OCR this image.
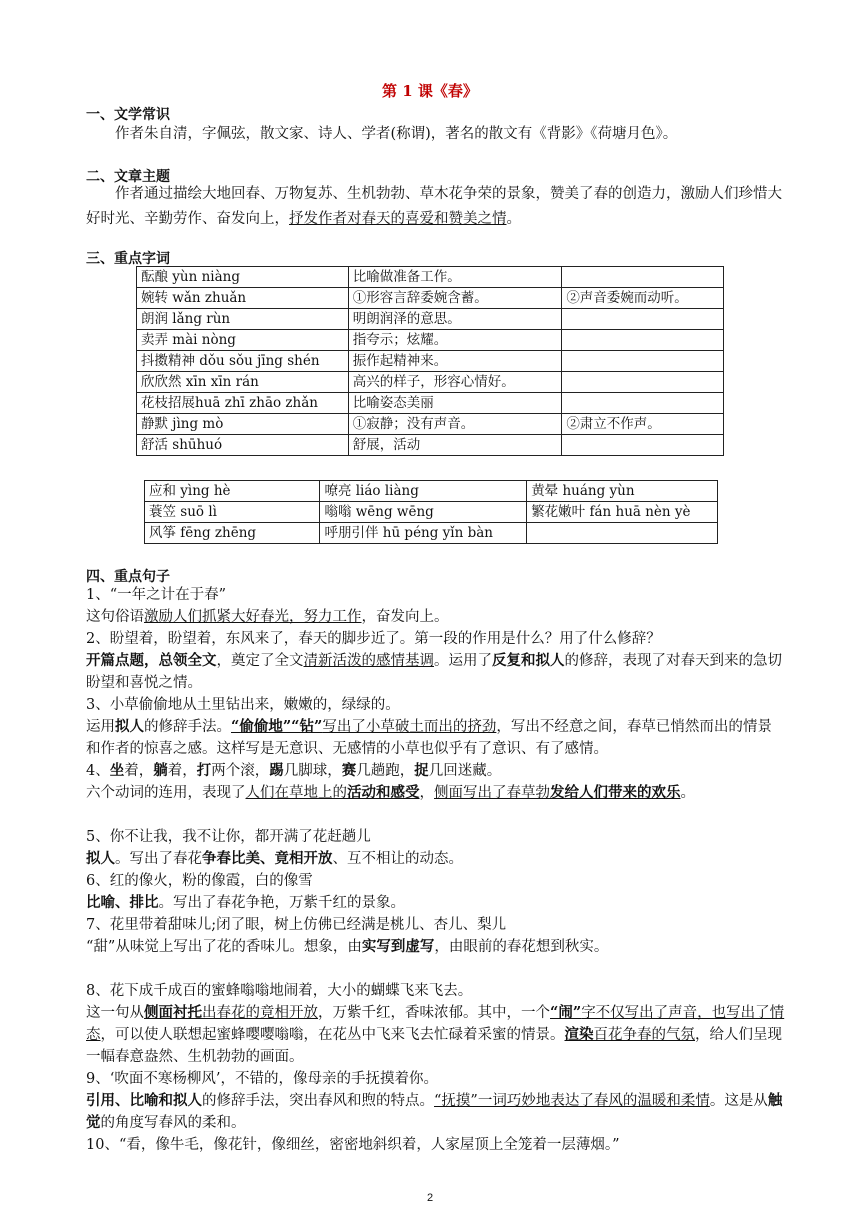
第 1 课《春》
一、文学常识
作者朱自清，字佩弦，散文家、诗人、学者(称谓)，著名的散文有《背影》《荷塘月色》。
二、文章主题
作者通过描绘大地回春、万物复苏、生机勃勃、草木花争荣的景象，赞美了春的创造力，激励人们珍惜大好时光、辛勤劳作、奋发向上，抒发作者对春天的喜爱和赞美之情。
三、重点字词
酝酿 yùn niàng	比喻做准备工作。	
婉转 wǎn zhuǎn	①形容言辞委婉含蓄。	②声音委婉而动听。
朗润 lǎng rùn	明朗润泽的意思。	
卖弄 mài nòng	指夸示；炫耀。	
抖擞精神 dǒu sǒu jīng shén	振作起精神来。	
欣欣然 xīn xīn rán	高兴的样子，形容心情好。	
花枝招展huā zhī zhāo zhǎn	比喻姿态美丽	
静默 jìng mò	①寂静；没有声音。	②肃立不作声。
舒活 shūhuó	舒展，活动	
应和 yìng hè	嘹亮 liáo liàng	黄晕 huáng yùn
蓑笠 suō lì	嗡嗡 wēng wēng	繁花嫩叶 fán huā nèn yè
风筝 fēng zhēng	呼朋引伴 hū péng yǐn bàn	
四、重点句子
1、“一年之计在于春”
这句俗语激励人们抓紧大好春光，努力工作，奋发向上。
2、盼望着，盼望着，东风来了，春天的脚步近了。第一段的作用是什么？用了什么修辞？
开篇点题，总领全文，奠定了全文清新活泼的感情基调。运用了反复和拟人的修辞，表现了对春天到来的急切盼望和喜悦之情。
3、小草偷偷地从土里钻出来，嫩嫩的，绿绿的。
运用拟人的修辞手法。“偷偷地”“钻”写出了小草破土而出的挤劲，写出不经意之间，春草已悄然而出的情景和作者的惊喜之感。这样写是无意识、无感情的小草也似乎有了意识、有了感情。
4、坐着，躺着，打两个滚，踢几脚球，赛几趟跑，捉几回迷藏。
六个动词的连用，表现了人们在草地上的活动和感受，侧面写出了春草勃发给人们带来的欢乐。
5、你不让我，我不让你，都开满了花赶趟儿
拟人。写出了春花争春比美、竟相开放、互不相让的动态。
6、红的像火，粉的像霞，白的像雪
比喻、排比。写出了春花争艳，万紫千红的景象。
7、花里带着甜味儿;闭了眼，树上仿佛已经满是桃儿、杏儿、梨儿
“甜”从味觉上写出了花的香味儿。想象，由实写到虚写，由眼前的春花想到秋实。
8、花下成千成百的蜜蜂嗡嗡地闹着，大小的蝴蝶飞来飞去。
这一句从侧面衬托出春花的竟相开放，万紫千红，香味浓郁。其中，一个“闹”字不仅写出了声音，也写出了情态，可以使人联想起蜜蜂嘤嘤嗡嗡，在花丛中飞来飞去忙碌着采蜜的情景。渲染百花争春的气氛，给人们呈现一幅春意盎然、生机勃勃的画面。
9、‘吹面不寒杨柳风’，不错的，像母亲的手抚摸着你。
引用、比喻和拟人的修辞手法，突出春风和煦的特点。“抚摸”一词巧妙地表达了春风的温暖和柔情。这是从触觉的角度写春风的柔和。
10、“看，像牛毛，像花针，像细丝，密密地斜织着，人家屋顶上全笼着一层薄烟。”
2
